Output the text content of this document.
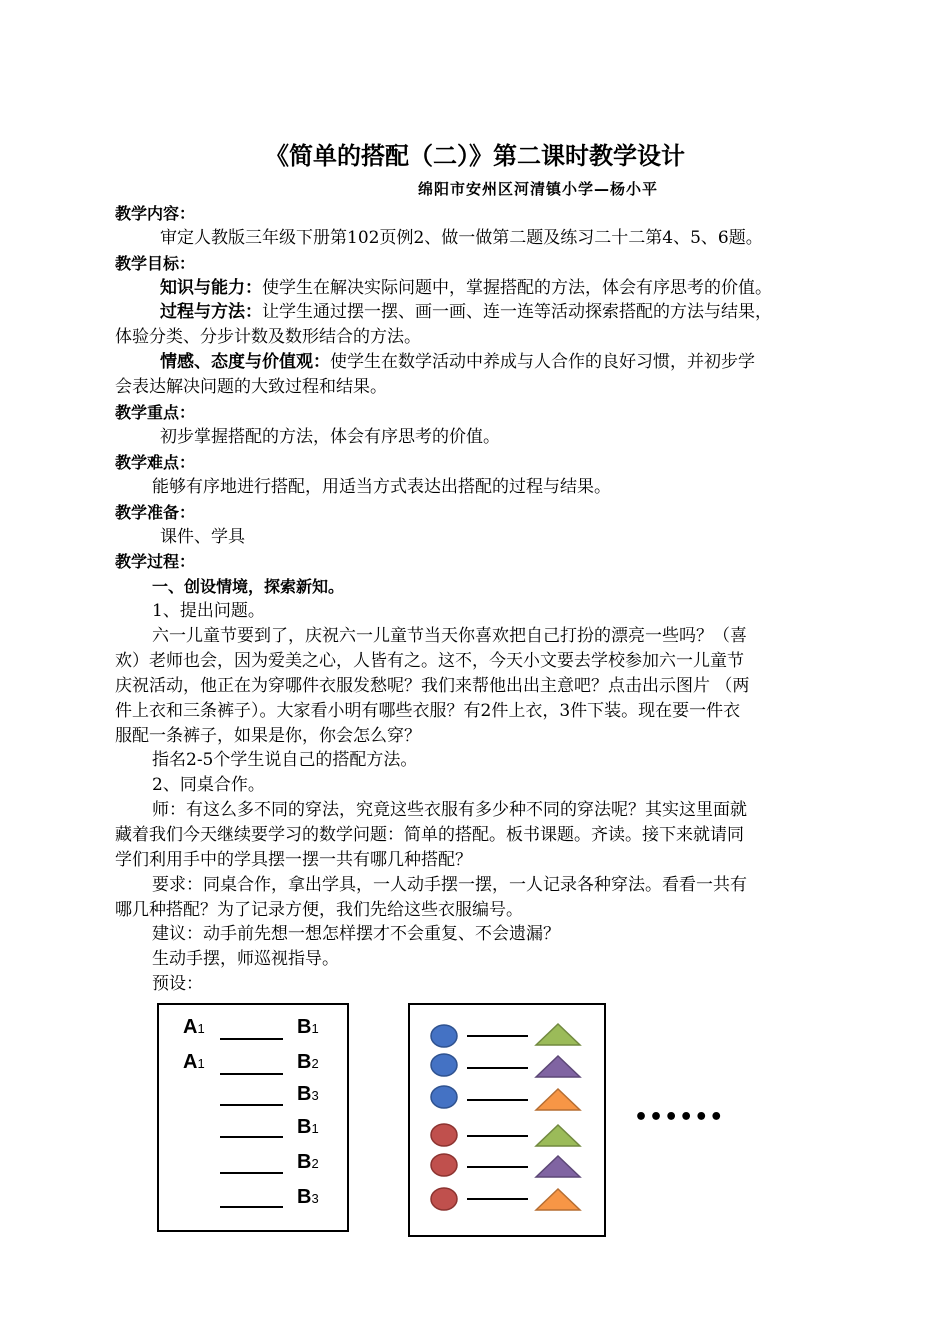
《简单的搭配（二）》第二课时教学设计
绵阳市安州区河清镇小学—杨小平
教学内容：
审定人教版三年级下册第102页例2、做一做第二题及练习二十二第4、5、6题。
教学目标：
知识与能力：使学生在解决实际问题中，掌握搭配的方法，体会有序思考的价值。
过程与方法：让学生通过摆一摆、画一画、连一连等活动探索搭配的方法与结果，
体验分类、分步计数及数形结合的方法。
情感、态度与价值观：使学生在数学活动中养成与人合作的良好习惯，并初步学
会表达解决问题的大致过程和结果。
教学重点：
初步掌握搭配的方法，体会有序思考的价值。
教学难点：
能够有序地进行搭配，用适当方式表达出搭配的过程与结果。
教学准备：
课件、学具
教学过程：
一、创设情境，探索新知。
1、提出问题。
六一儿童节要到了，庆祝六一儿童节当天你喜欢把自己打扮的漂亮一些吗？（喜
欢）老师也会，因为爱美之心，人皆有之。这不，今天小文要去学校参加六一儿童节
庆祝活动，他正在为穿哪件衣服发愁呢？我们来帮他出出主意吧？点击出示图片 （两
件上衣和三条裤子）。大家看小明有哪些衣服？有2件上衣，3件下装。现在要一件衣
服配一条裤子，如果是你，你会怎么穿？
指名2-5个学生说自己的搭配方法。
2、同桌合作。
师：有这么多不同的穿法，究竟这些衣服有多少种不同的穿法呢？其实这里面就
藏着我们今天继续要学习的数学问题：简单的搭配。板书课题。齐读。接下来就请同
学们利用手中的学具摆一摆一共有哪几种搭配？
要求：同桌合作，拿出学具，一人动手摆一摆，一人记录各种穿法。看看一共有
哪几种搭配？为了记录方便，我们先给这些衣服编号。
建议：动手前先想一想怎样摆才不会重复、不会遗漏？
生动手摆，师巡视指导。
预设：
A1
A1
B1
B2
B3
B1
B2
B3
••••••
